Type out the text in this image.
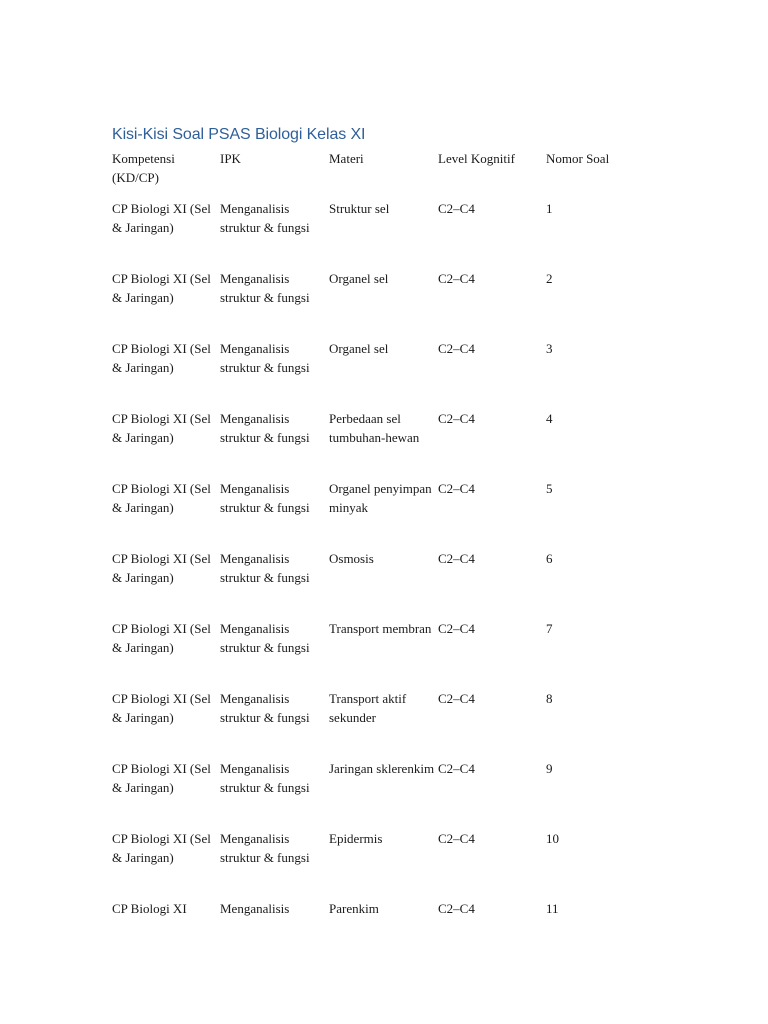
Kisi-Kisi Soal PSAS Biologi Kelas XI
Kompetensi (KD/CP)	IPK	Materi	Level Kognitif	Nomor Soal

CP Biologi XI (Sel & Jaringan)	Menganalisis struktur & fungsi	Struktur sel	C2–C4	1

CP Biologi XI (Sel & Jaringan)	Menganalisis struktur & fungsi	Organel sel	C2–C4	2

CP Biologi XI (Sel & Jaringan)	Menganalisis struktur & fungsi	Organel sel	C2–C4	3

CP Biologi XI (Sel & Jaringan)	Menganalisis struktur & fungsi	Perbedaan sel tumbuhan-hewan	C2–C4	4

CP Biologi XI (Sel & Jaringan)	Menganalisis struktur & fungsi	Organel penyimpan minyak	C2–C4	5

CP Biologi XI (Sel & Jaringan)	Menganalisis struktur & fungsi	Osmosis	C2–C4	6

CP Biologi XI (Sel & Jaringan)	Menganalisis struktur & fungsi	Transport membran	C2–C4	7

CP Biologi XI (Sel & Jaringan)	Menganalisis struktur & fungsi	Transport aktif sekunder	C2–C4	8

CP Biologi XI (Sel & Jaringan)	Menganalisis struktur & fungsi	Jaringan sklerenkim	C2–C4	9

CP Biologi XI (Sel & Jaringan)	Menganalisis struktur & fungsi	Epidermis	C2–C4	10

CP Biologi XI	Menganalisis	Parenkim	C2–C4	11
